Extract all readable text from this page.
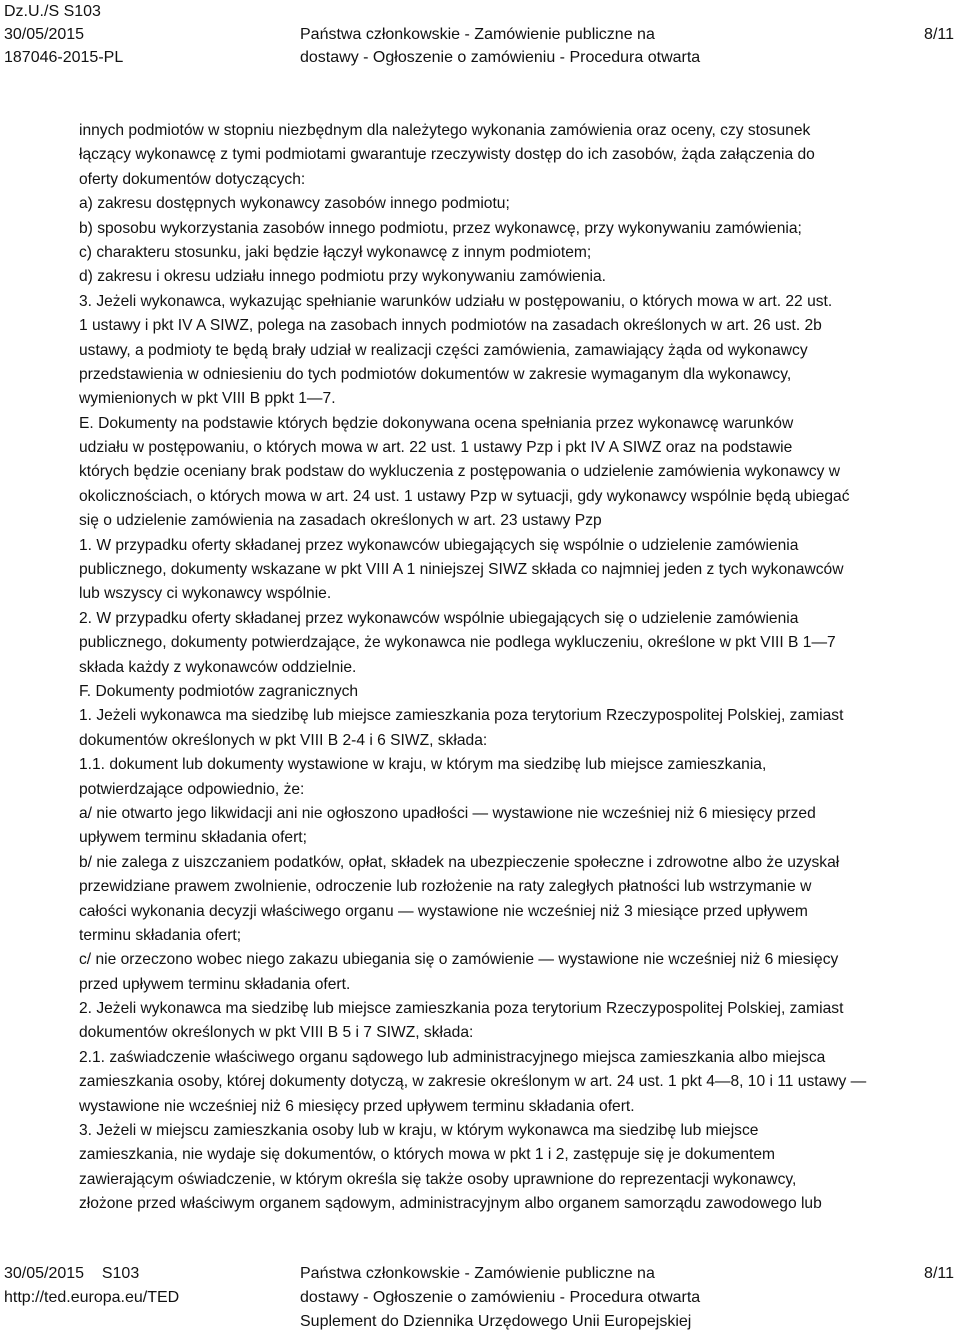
Dz.U./S S103
30/05/2015
187046-2015-PL
Państwa członkowskie - Zamówienie publiczne na
dostawy - Ogłoszenie o zamówieniu - Procedura otwarta
8/11
innych podmiotów w stopniu niezbędnym dla należytego wykonania zamówienia oraz oceny, czy stosunek
łączący wykonawcę z tymi podmiotami gwarantuje rzeczywisty dostęp do ich zasobów, żąda załączenia do
oferty dokumentów dotyczących:
a) zakresu dostępnych wykonawcy zasobów innego podmiotu;
b) sposobu wykorzystania zasobów innego podmiotu, przez wykonawcę, przy wykonywaniu zamówienia;
c) charakteru stosunku, jaki będzie łączył wykonawcę z innym podmiotem;
d) zakresu i okresu udziału innego podmiotu przy wykonywaniu zamówienia.
3. Jeżeli wykonawca, wykazując spełnianie warunków udziału w postępowaniu, o których mowa w art. 22 ust.
1 ustawy i pkt IV A SIWZ, polega na zasobach innych podmiotów na zasadach określonych w art. 26 ust. 2b
ustawy, a podmioty te będą brały udział w realizacji części zamówienia, zamawiający żąda od wykonawcy
przedstawienia w odniesieniu do tych podmiotów dokumentów w zakresie wymaganym dla wykonawcy,
wymienionych w pkt VIII B ppkt 1—7.
E. Dokumenty na podstawie których będzie dokonywana ocena spełniania przez wykonawcę warunków
udziału w postępowaniu, o których mowa w art. 22 ust. 1 ustawy Pzp i pkt IV A SIWZ oraz na podstawie
których będzie oceniany brak podstaw do wykluczenia z postępowania o udzielenie zamówienia wykonawcy w
okolicznościach, o których mowa w art. 24 ust. 1 ustawy Pzp w sytuacji, gdy wykonawcy wspólnie będą ubiegać
się o udzielenie zamówienia na zasadach określonych w art. 23 ustawy Pzp
1. W przypadku oferty składanej przez wykonawców ubiegających się wspólnie o udzielenie zamówienia
publicznego, dokumenty wskazane w pkt VIII A 1 niniejszej SIWZ składa co najmniej jeden z tych wykonawców
lub wszyscy ci wykonawcy wspólnie.
2. W przypadku oferty składanej przez wykonawców wspólnie ubiegających się o udzielenie zamówienia
publicznego, dokumenty potwierdzające, że wykonawca nie podlega wykluczeniu, określone w pkt VIII B 1—7
składa każdy z wykonawców oddzielnie.
F. Dokumenty podmiotów zagranicznych
1. Jeżeli wykonawca ma siedzibę lub miejsce zamieszkania poza terytorium Rzeczypospolitej Polskiej, zamiast
dokumentów określonych w pkt VIII B 2-4 i 6 SIWZ, składa:
1.1. dokument lub dokumenty wystawione w kraju, w którym ma siedzibę lub miejsce zamieszkania,
potwierdzające odpowiednio, że:
a/ nie otwarto jego likwidacji ani nie ogłoszono upadłości — wystawione nie wcześniej niż 6 miesięcy przed
upływem terminu składania ofert;
b/ nie zalega z uiszczaniem podatków, opłat, składek na ubezpieczenie społeczne i zdrowotne albo że uzyskał
przewidziane prawem zwolnienie, odroczenie lub rozłożenie na raty zaległych płatności lub wstrzymanie w
całości wykonania decyzji właściwego organu — wystawione nie wcześniej niż 3 miesiące przed upływem
terminu składania ofert;
c/ nie orzeczono wobec niego zakazu ubiegania się o zamówienie — wystawione nie wcześniej niż 6 miesięcy
przed upływem terminu składania ofert.
2. Jeżeli wykonawca ma siedzibę lub miejsce zamieszkania poza terytorium Rzeczypospolitej Polskiej, zamiast
dokumentów określonych w pkt VIII B 5 i 7 SIWZ, składa:
2.1. zaświadczenie właściwego organu sądowego lub administracyjnego miejsca zamieszkania albo miejsca
zamieszkania osoby, której dokumenty dotyczą, w zakresie określonym w art. 24 ust. 1 pkt 4—8, 10 i 11 ustawy —
wystawione nie wcześniej niż 6 miesięcy przed upływem terminu składania ofert.
3. Jeżeli w miejscu zamieszkania osoby lub w kraju, w którym wykonawca ma siedzibę lub miejsce
zamieszkania, nie wydaje się dokumentów, o których mowa w pkt 1 i 2, zastępuje się je dokumentem
zawierającym oświadczenie, w którym określa się także osoby uprawnione do reprezentacji wykonawcy,
złożone przed właściwym organem sądowym, administracyjnym albo organem samorządu zawodowego lub
30/05/2015 S103
http://ted.europa.eu/TED
Państwa członkowskie - Zamówienie publiczne na
dostawy - Ogłoszenie o zamówieniu - Procedura otwarta
Suplement do Dziennika Urzędowego Unii Europejskiej
8/11
